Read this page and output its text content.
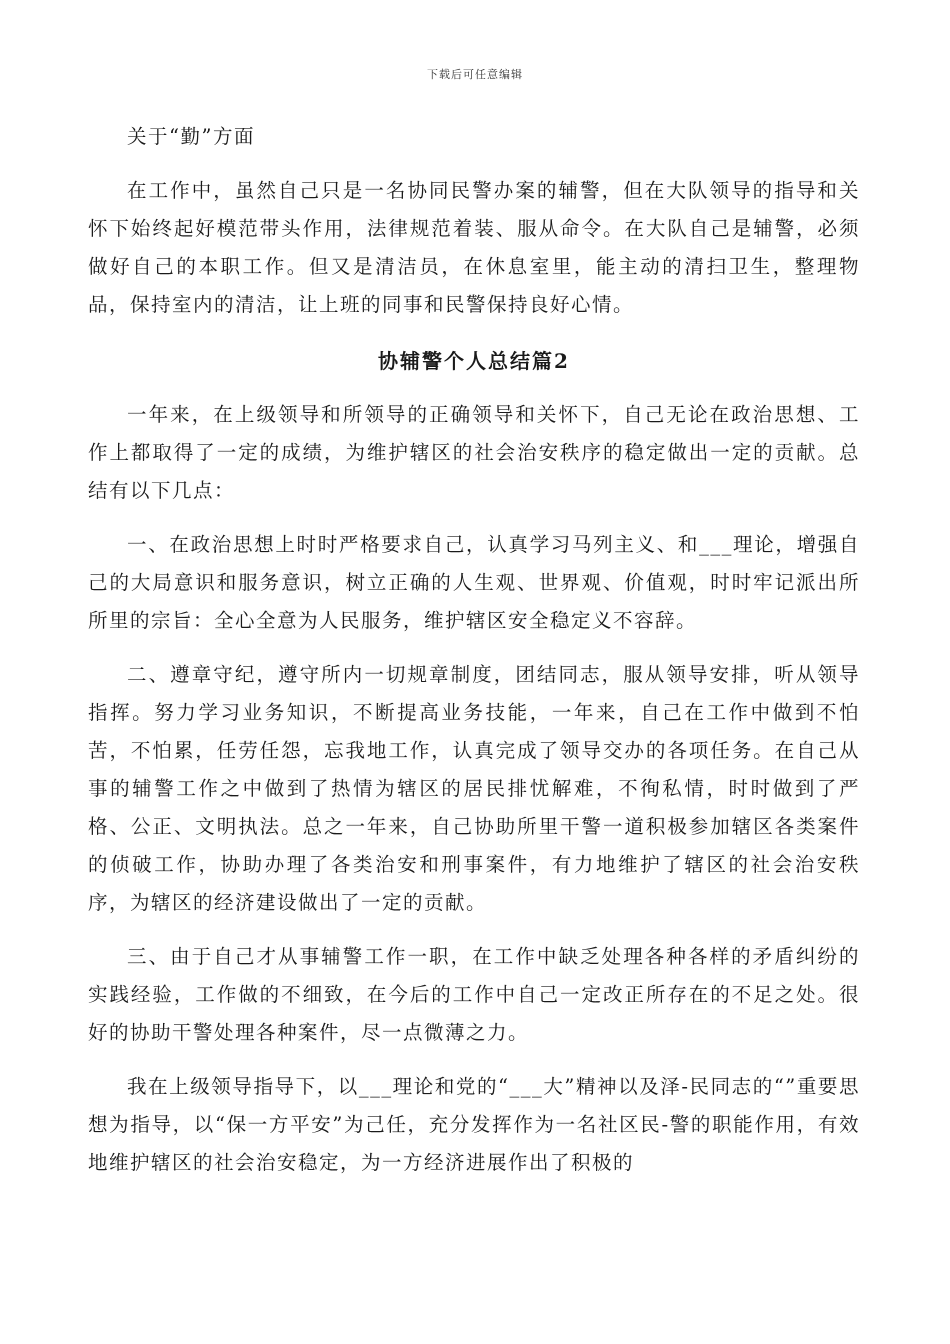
下载后可任意编辑

关于“勤”方面

在工作中，虽然自己只是一名协同民警办案的辅警，但在大队领导的指导和关怀下始终起好模范带头作用，法律规范着装、服从命令。在大队自己是辅警，必须做好自己的本职工作。但又是清洁员，在休息室里，能主动的清扫卫生，整理物品，保持室内的清洁，让上班的同事和民警保持良好心情。

协辅警个人总结篇2

一年来，在上级领导和所领导的正确领导和关怀下，自己无论在政治思想、工作上都取得了一定的成绩，为维护辖区的社会治安秩序的稳定做出一定的贡献。总结有以下几点：

一、在政治思想上时时严格要求自己，认真学习马列主义、和___理论，增强自己的大局意识和服务意识，树立正确的人生观、世界观、价值观，时时牢记派出所所里的宗旨：全心全意为人民服务，维护辖区安全稳定义不容辞。

二、遵章守纪，遵守所内一切规章制度，团结同志，服从领导安排，听从领导指挥。努力学习业务知识，不断提高业务技能，一年来，自己在工作中做到不怕苦，不怕累，任劳任怨，忘我地工作，认真完成了领导交办的各项任务。在自己从事的辅警工作之中做到了热情为辖区的居民排忧解难，不徇私情，时时做到了严格、公正、文明执法。总之一年来，自己协助所里干警一道积极参加辖区各类案件的侦破工作，协助办理了各类治安和刑事案件，有力地维护了辖区的社会治安秩序，为辖区的经济建设做出了一定的贡献。

三、由于自己才从事辅警工作一职，在工作中缺乏处理各种各样的矛盾纠纷的实践经验，工作做的不细致，在今后的工作中自己一定改正所存在的不足之处。很好的协助干警处理各种案件，尽一点微薄之力。

我在上级领导指导下，以___理论和党的“___大”精神以及泽-民同志的“”重要思想为指导，以“保一方平安”为己任，充分发挥作为一名社区民-警的职能作用，有效地维护辖区的社会治安稳定，为一方经济进展作出了积极的
